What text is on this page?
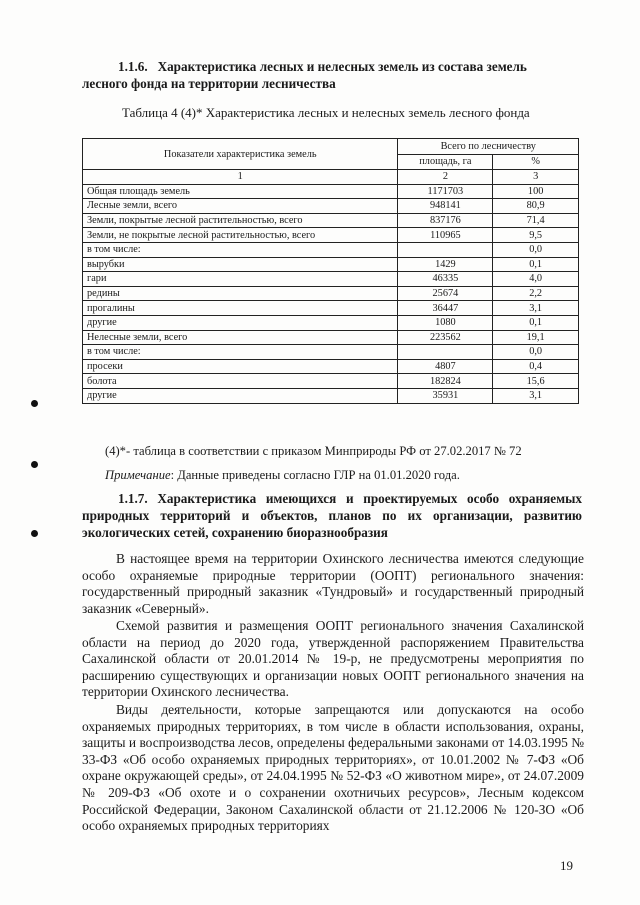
1.1.6.   Характеристика лесных и нелесных земель из состава земель
лесного фонда на территории лесничества
Таблица 4 (4)* Характеристика лесных и нелесных земель лесного фонда
Показатели характеристика земель	Всего по лесничеству	
	площадь, га	%
1	2	3
Общая площадь земель	1171703	100
Лесные земли, всего	948141	80,9
Земли, покрытые лесной растительностью, всего	837176	71,4
Земли, не покрытые лесной растительностью, всего	110965	9,5
в том числе:		0,0
вырубки	1429	0,1
гари	46335	4,0
редины	25674	2,2
прогалины	36447	3,1
другие	1080	0,1
Нелесные земли, всего	223562	19,1
в том числе:		0,0
просеки	4807	0,4
болота	182824	15,6
другие	35931	3,1
(4)*- таблица в соответствии с приказом Минприроды РФ от 27.02.2017 № 72
Примечание: Данные приведены согласно ГЛР на 01.01.2020 года.
1.1.7. Характеристика имеющихся и проектируемых особо охраняемых
природных территорий и объектов, планов по их организации, развитию
экологических сетей, сохранению биоразнообразия
В настоящее время на территории Охинского лесничества имеются следующие особо охраняемые природные территории (ООПТ) регионального значения: государственный природный заказник «Тундровый» и государственный природный заказник «Северный».
Схемой развития и размещения ООПТ регионального значения Сахалинской области на период до 2020 года, утвержденной распоряжением Правительства Сахалинской области от 20.01.2014 № 19-р, не предусмотрены мероприятия по расширению существующих и организации новых ООПТ регионального значения на территории Охинского лесничества.
Виды деятельности, которые запрещаются или допускаются на особо охраняемых природных территориях, в том числе в области использования, охраны, защиты и воспроизводства лесов, определены федеральными законами от 14.03.1995 № 33-ФЗ «Об особо охраняемых природных территориях», от 10.01.2002 № 7-ФЗ «Об охране окружающей среды», от 24.04.1995 № 52-ФЗ «О животном мире», от 24.07.2009 № 209-ФЗ «Об охоте и о сохранении охотничьих ресурсов», Лесным кодексом Российской Федерации, Законом Сахалинской области от 21.12.2006 № 120-ЗО «Об особо охраняемых природных территориях
19
